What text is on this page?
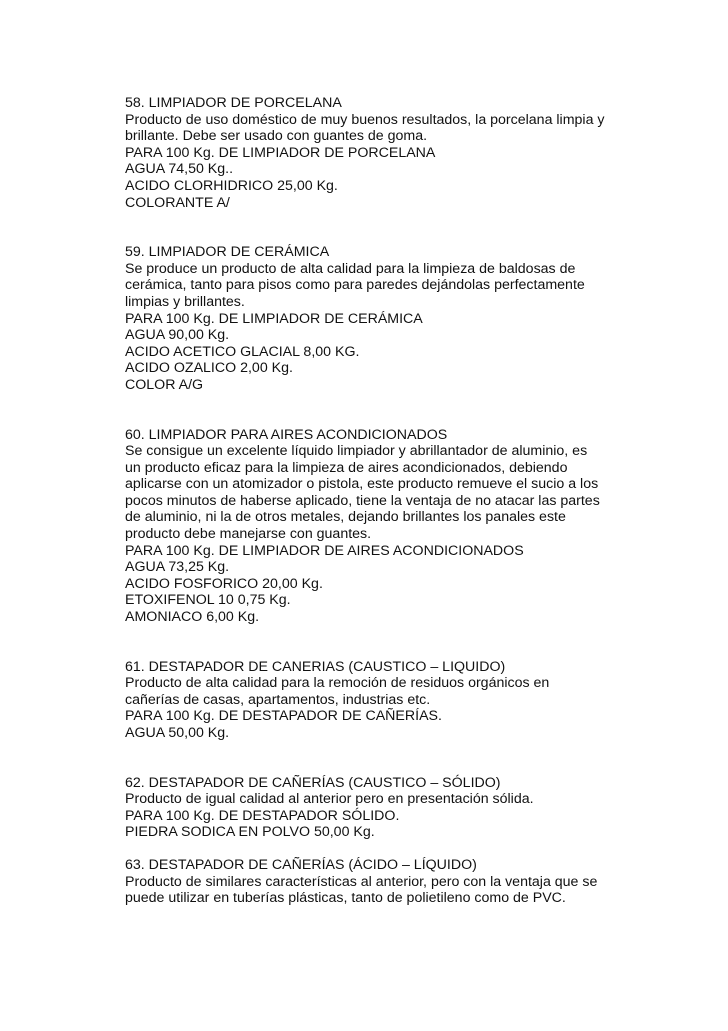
58. LIMPIADOR DE PORCELANA
Producto de uso doméstico de muy buenos resultados, la porcelana limpia y
brillante. Debe ser usado con guantes de goma.
PARA 100 Kg. DE LIMPIADOR DE PORCELANA
AGUA 74,50 Kg..
ACIDO CLORHIDRICO 25,00 Kg.
COLORANTE A/
59. LIMPIADOR DE CERÁMICA
Se produce un producto de alta calidad para la limpieza de baldosas de
cerámica, tanto para pisos como para paredes dejándolas perfectamente
limpias y brillantes.
PARA 100 Kg. DE LIMPIADOR DE CERÁMICA
AGUA 90,00 Kg.
ACIDO ACETICO GLACIAL 8,00 KG.
ACIDO OZALICO 2,00 Kg.
COLOR A/G
60. LIMPIADOR PARA AIRES ACONDICIONADOS
Se consigue un excelente líquido limpiador y abrillantador de aluminio, es
un producto eficaz para la limpieza de aires acondicionados, debiendo
aplicarse con un atomizador o pistola, este producto remueve el sucio a los
pocos minutos de haberse aplicado, tiene la ventaja de no atacar las partes
de aluminio, ni la de otros metales, dejando brillantes los panales este
producto debe manejarse con guantes.
PARA 100 Kg. DE LIMPIADOR DE AIRES ACONDICIONADOS
AGUA 73,25 Kg.
ACIDO FOSFORICO 20,00 Kg.
ETOXIFENOL 10 0,75 Kg.
AMONIACO 6,00 Kg.
61. DESTAPADOR DE CANERIAS (CAUSTICO – LIQUIDO)
Producto de alta calidad para la remoción de residuos orgánicos en
cañerías de casas, apartamentos, industrias etc.
PARA 100 Kg. DE DESTAPADOR DE CAÑERÍAS.
AGUA 50,00 Kg.
62. DESTAPADOR DE CAÑERÍAS (CAUSTICO – SÓLIDO)
Producto de igual calidad al anterior pero en presentación sólida.
PARA 100 Kg. DE DESTAPADOR SÓLIDO.
PIEDRA SODICA EN POLVO 50,00 Kg.
63. DESTAPADOR DE CAÑERÍAS (ÁCIDO – LÍQUIDO)
Producto de similares características al anterior, pero con la ventaja que se
puede utilizar en tuberías plásticas, tanto de polietileno como de PVC.
